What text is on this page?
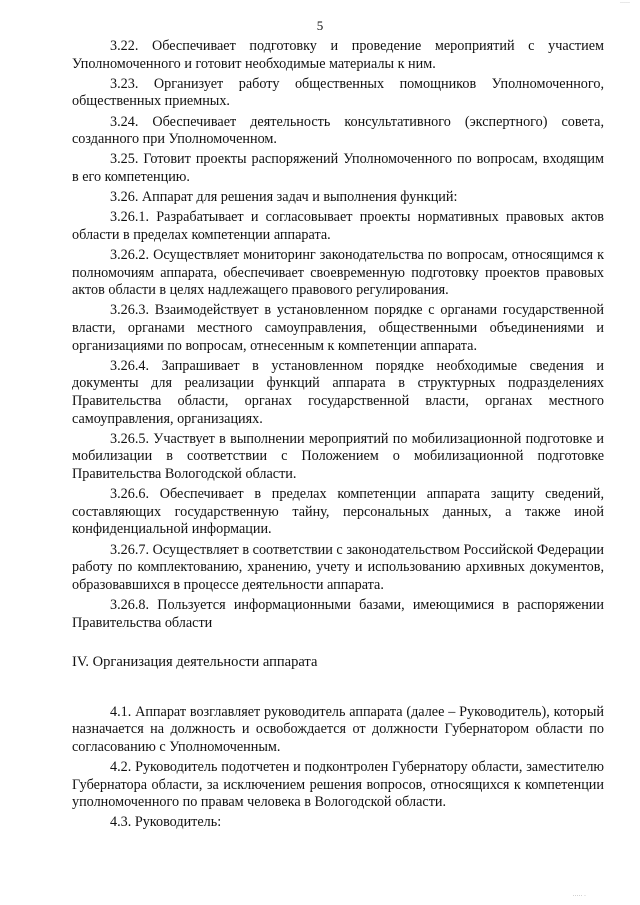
·····
5

3.22. Обеспечивает подготовку и проведение мероприятий с участием Уполномоченного и готовит необходимые материалы к ним.

3.23. Организует работу общественных помощников Уполномоченного, общественных приемных.

3.24. Обеспечивает деятельность консультативного (экспертного) совета, созданного при Уполномоченном.

3.25. Готовит проекты распоряжений Уполномоченного по вопросам, входящим в его компетенцию.

3.26. Аппарат для решения задач и выполнения функций:

3.26.1. Разрабатывает и согласовывает проекты нормативных правовых актов области в пределах компетенции аппарата.

3.26.2. Осуществляет мониторинг законодательства по вопросам, относящимся к полномочиям аппарата, обеспечивает своевременную подготовку проектов правовых актов области в целях надлежащего правового регулирования.

3.26.3. Взаимодействует в установленном порядке с органами государственной власти, органами местного самоуправления, общественными объединениями и организациями по вопросам, отнесенным к компетенции аппарата.

3.26.4. Запрашивает в установленном порядке необходимые сведения и документы для реализации функций аппарата в структурных подразделениях Правительства области, органах государственной власти, органах местного самоуправления, организациях.

3.26.5. Участвует в выполнении мероприятий по мобилизационной подготовке и мобилизации в соответствии с Положением о мобилизационной подготовке Правительства Вологодской области.

3.26.6. Обеспечивает в пределах компетенции аппарата защиту сведений, составляющих государственную тайну, персональных данных, а также иной конфиденциальной информации.

3.26.7. Осуществляет в соответствии с законодательством Российской Федерации работу по комплектованию, хранению, учету и использованию архивных документов, образовавшихся в процессе деятельности аппарата.

3.26.8. Пользуется информационными базами, имеющимися в распоряжении Правительства области

IV. Организация деятельности аппарата

4.1. Аппарат возглавляет руководитель аппарата (далее – Руководитель), который назначается на должность и освобождается от должности Губернатором области по согласованию с Уполномоченным.

4.2. Руководитель подотчетен и подконтролен Губернатору области, заместителю Губернатора области, за исключением решения вопросов, относящихся к компетенции уполномоченного по правам человека в Вологодской области.

4.3. Руководитель:

····· ·
